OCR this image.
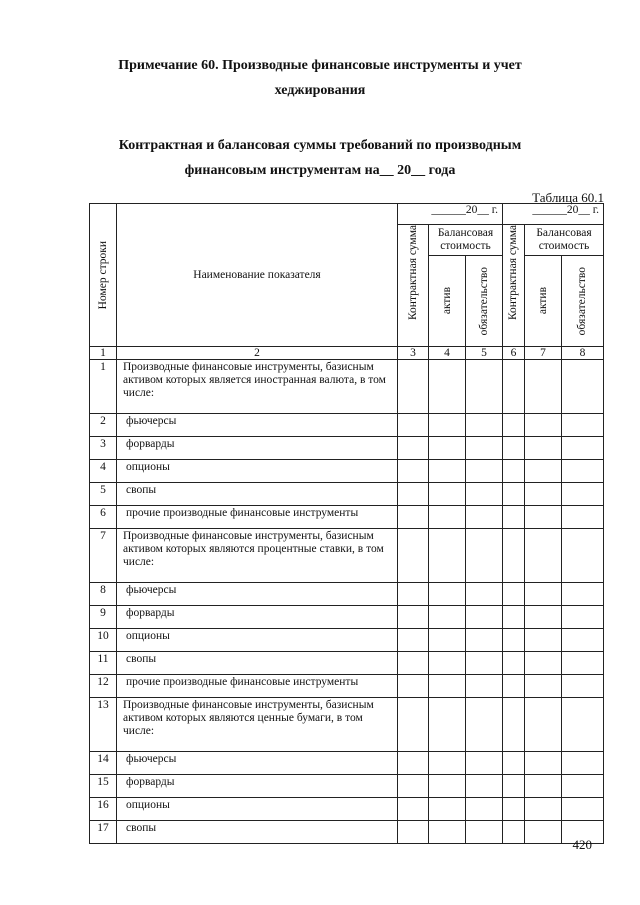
Примечание 60. Производные финансовые инструменты и учет
хеджирования
Контрактная и балансовая суммы требований по производным
финансовым инструментам на__ 20__ года
Таблица 60.1
Номер строки	Наименование показателя	______20__ г.			______20__ г.		

		Контрактная сумма	Балансовая стоимость		Контрактная сумма	Балансовая стоимость	

			актив	обязательство		актив	обязательство

1	2	3	4	5	6	7	8
1	Производные финансовые инструменты, базисным активом которых является иностранная валюта, в том числе:						
2	фьючерсы						
3	форварды						
4	опционы						
5	свопы						
6	прочие производные финансовые инструменты						
7	Производные финансовые инструменты, базисным активом которых являются процентные ставки, в том числе:						
8	фьючерсы						
9	форварды						
10	опционы						
11	свопы						
12	прочие производные финансовые инструменты						
13	Производные финансовые инструменты, базисным активом которых являются ценные бумаги, в том числе:						
14	фьючерсы						
15	форварды						
16	опционы						
17	свопы						
420
